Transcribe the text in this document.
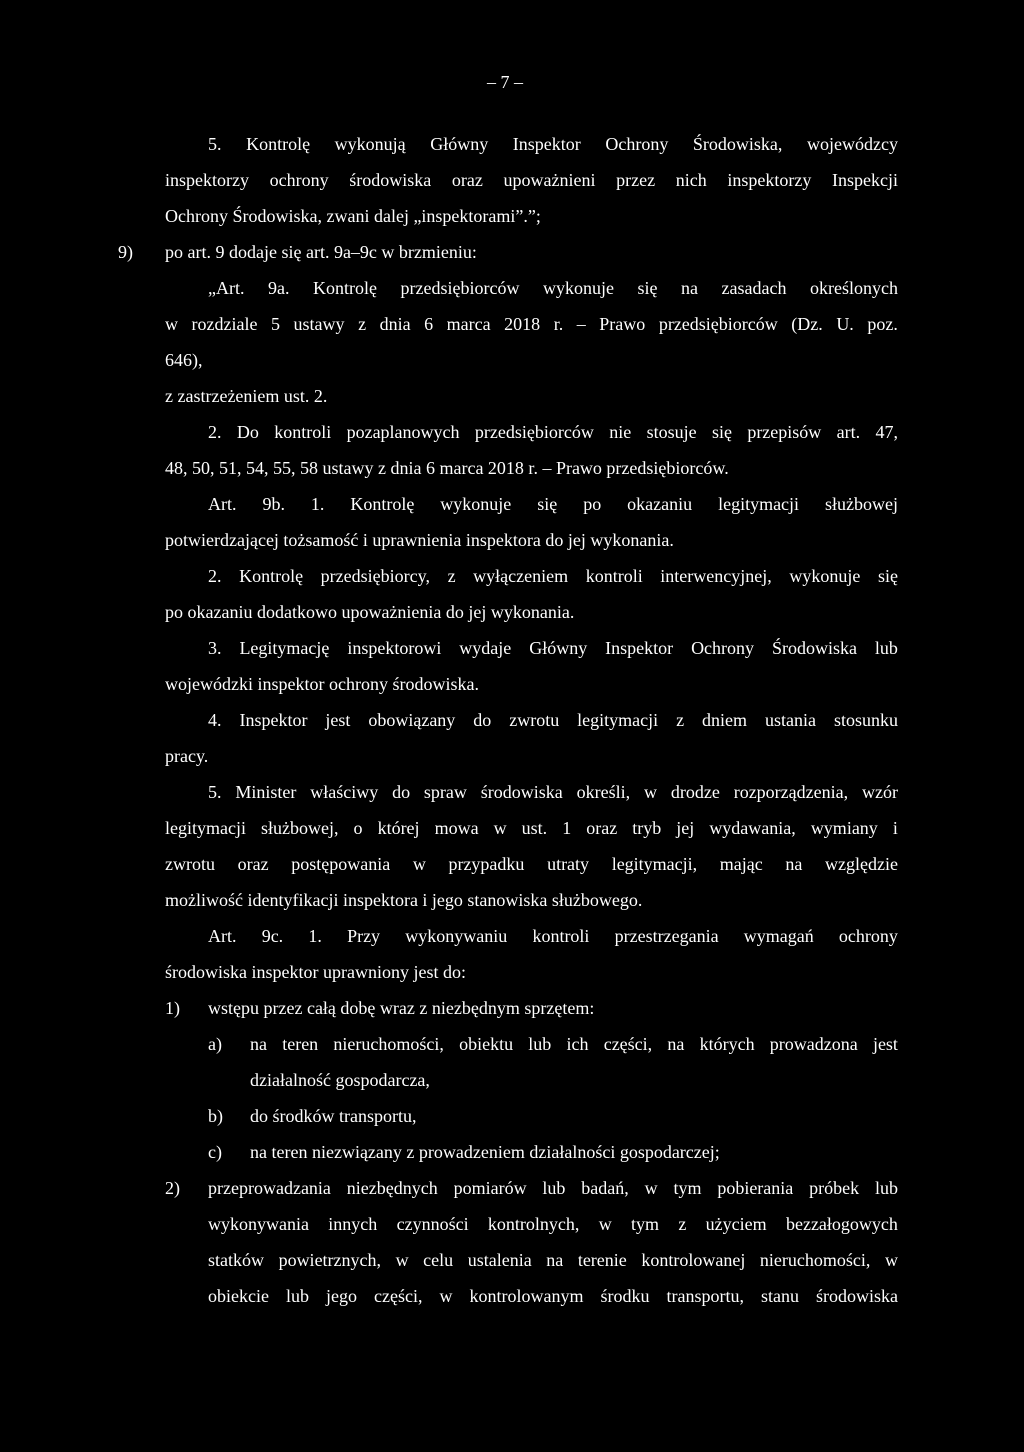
– 7 –
5. Kontrolę wykonują Główny Inspektor Ochrony Środowiska, wojewódzcy
inspektorzy ochrony środowiska oraz upoważnieni przez nich inspektorzy Inspekcji
Ochrony Środowiska, zwani dalej „inspektorami”.”;
9) po art. 9 dodaje się art. 9a–9c w brzmieniu:
„Art. 9a. Kontrolę przedsiębiorców wykonuje się na zasadach określonych
w rozdziale 5 ustawy z dnia 6 marca 2018 r. – Prawo przedsiębiorców (Dz. U. poz.
646),
z zastrzeżeniem ust. 2.
2. Do kontroli pozaplanowych przedsiębiorców nie stosuje się przepisów art. 47,
48, 50, 51, 54, 55, 58 ustawy z dnia 6 marca 2018 r. – Prawo przedsiębiorców.
Art. 9b. 1. Kontrolę wykonuje się po okazaniu legitymacji służbowej
potwierdzającej tożsamość i uprawnienia inspektora do jej wykonania.
2. Kontrolę przedsiębiorcy, z wyłączeniem kontroli interwencyjnej, wykonuje się
po okazaniu dodatkowo upoważnienia do jej wykonania.
3. Legitymację inspektorowi wydaje Główny Inspektor Ochrony Środowiska lub
wojewódzki inspektor ochrony środowiska.
4. Inspektor jest obowiązany do zwrotu legitymacji z dniem ustania stosunku
pracy.
5. Minister właściwy do spraw środowiska określi, w drodze rozporządzenia, wzór
legitymacji służbowej, o której mowa w ust. 1 oraz tryb jej wydawania, wymiany i
zwrotu oraz postępowania w przypadku utraty legitymacji, mając na względzie
możliwość identyfikacji inspektora i jego stanowiska służbowego.
Art. 9c. 1. Przy wykonywaniu kontroli przestrzegania wymagań ochrony
środowiska inspektor uprawniony jest do:
1) wstępu przez całą dobę wraz z niezbędnym sprzętem:
a) na teren nieruchomości, obiektu lub ich części, na których prowadzona jest
działalność gospodarcza,
b) do środków transportu,
c) na teren niezwiązany z prowadzeniem działalności gospodarczej;
2) przeprowadzania niezbędnych pomiarów lub badań, w tym pobierania próbek lub
wykonywania innych czynności kontrolnych, w tym z użyciem bezzałogowych
statków powietrznych, w celu ustalenia na terenie kontrolowanej nieruchomości, w
obiekcie lub jego części, w kontrolowanym środku transportu, stanu środowiska
